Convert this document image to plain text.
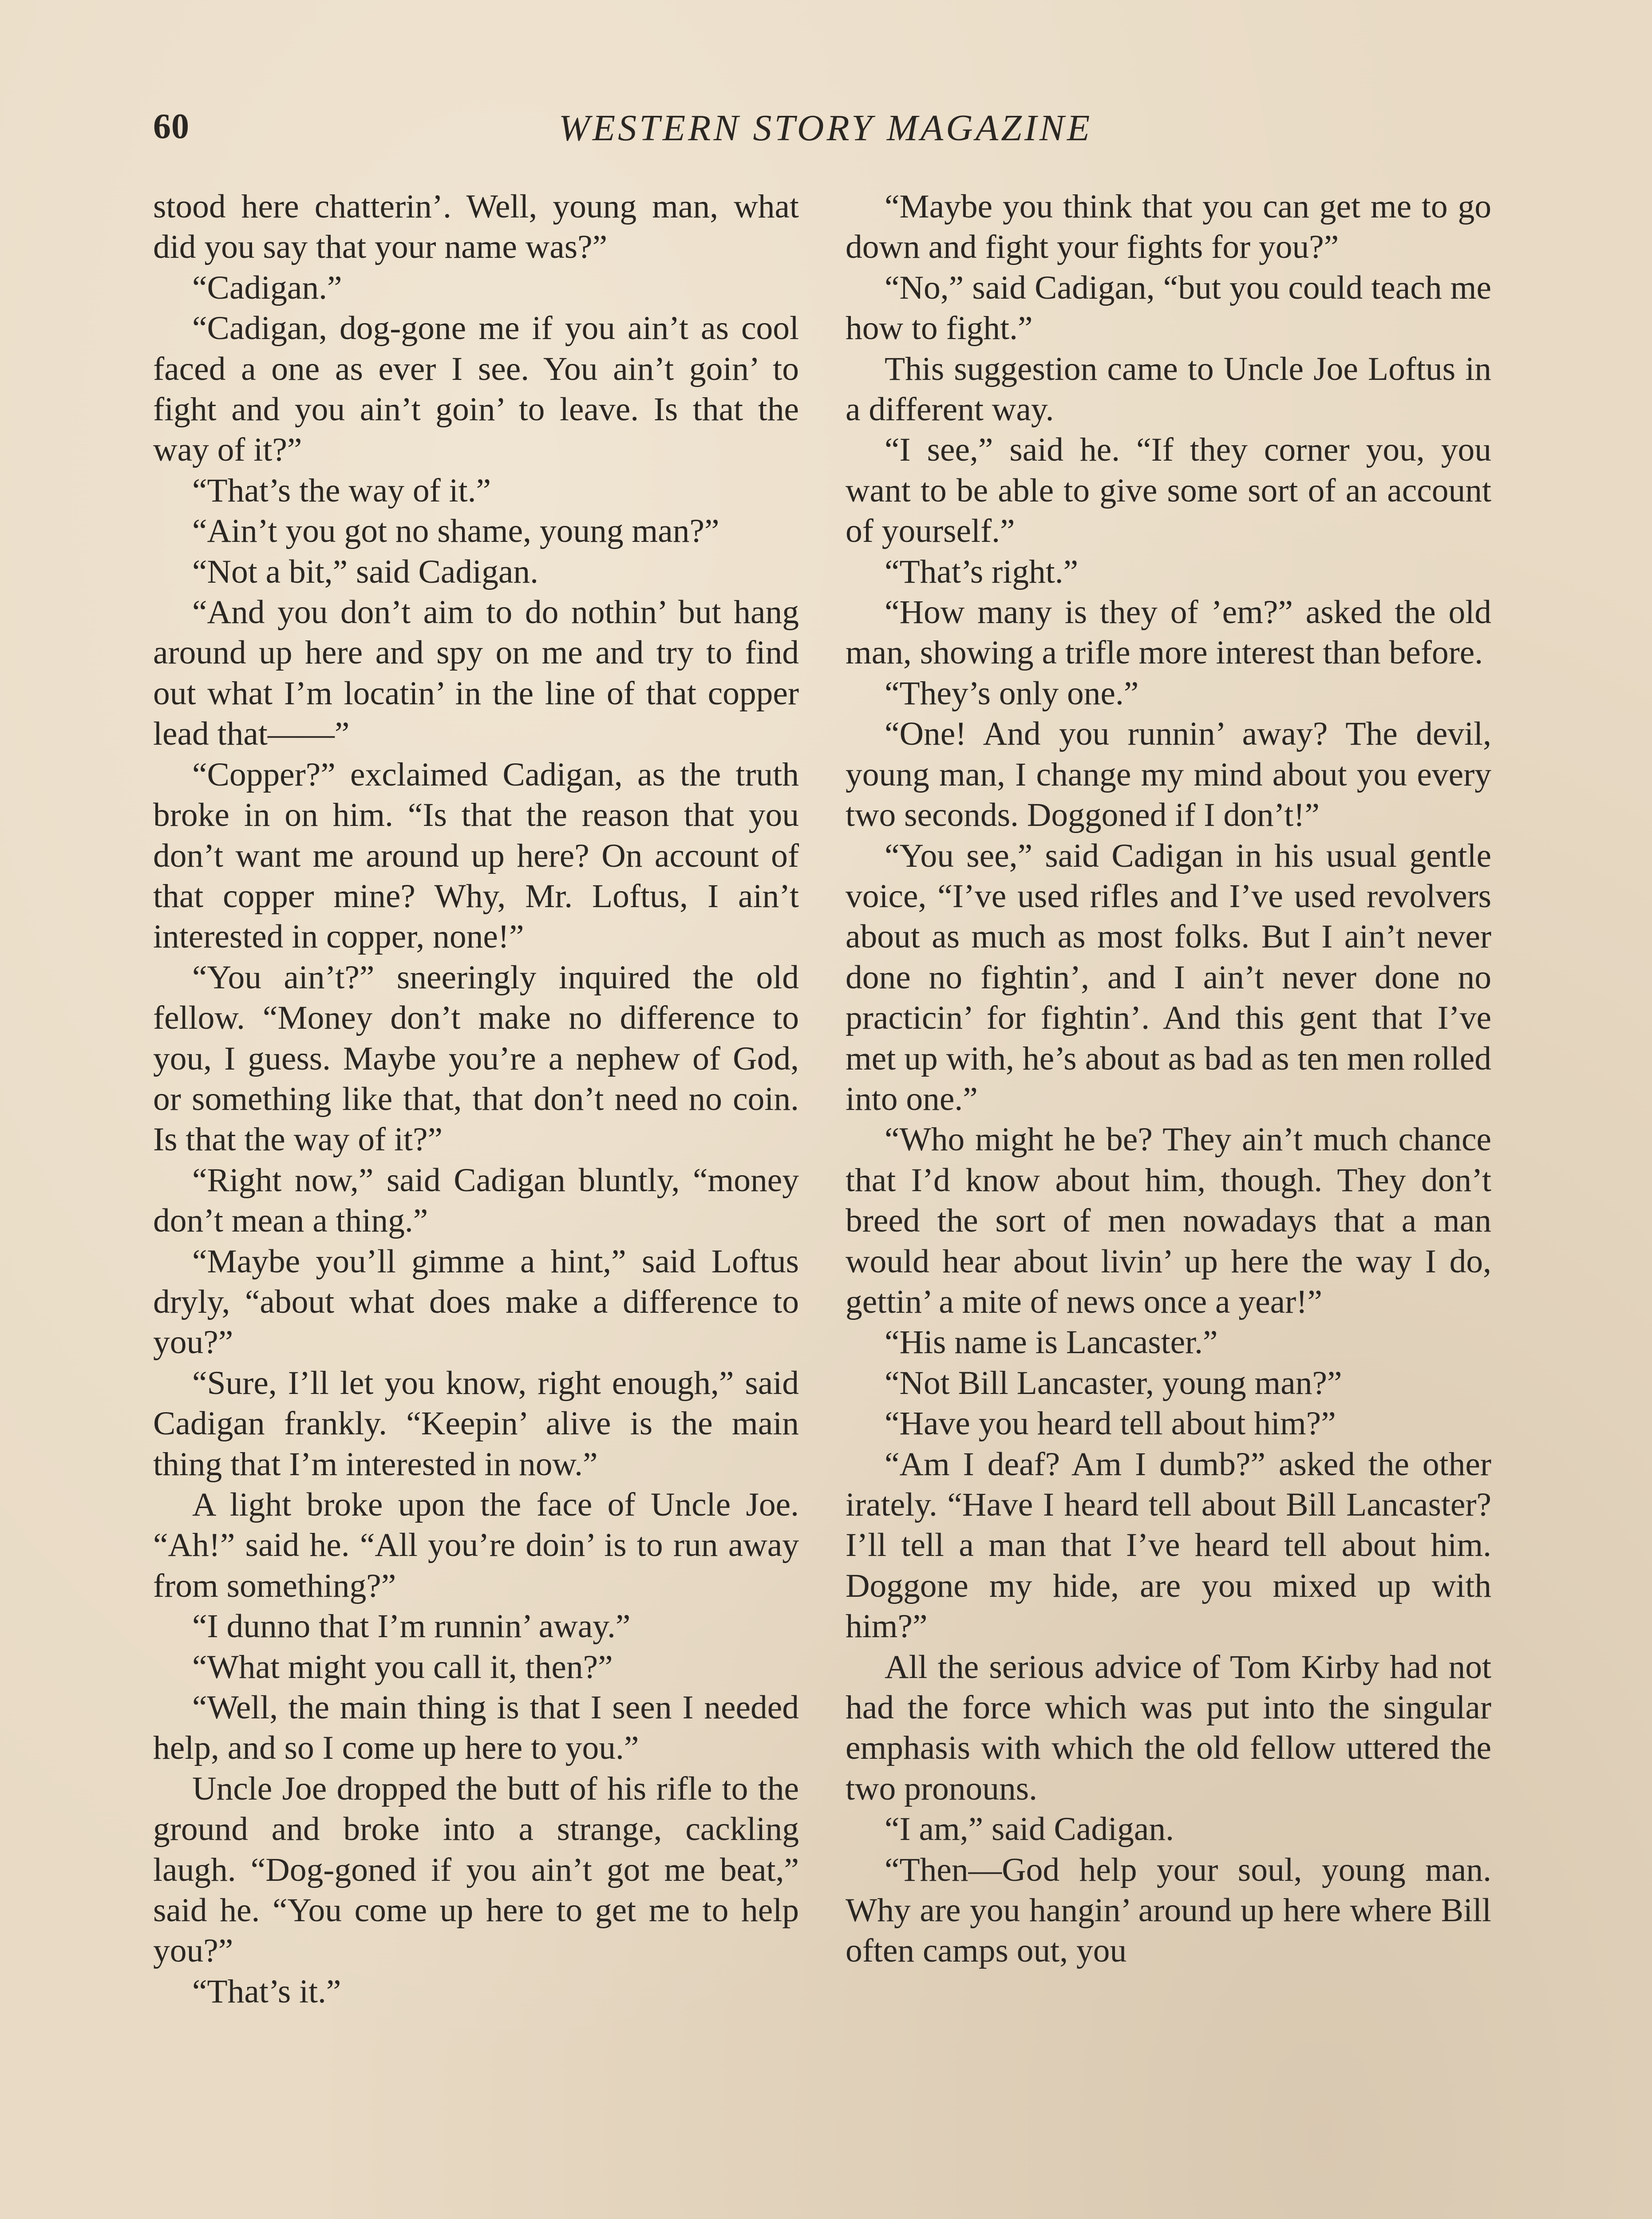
60	WESTERN STORY MAGAZINE

stood here chatterin’. Well, young man, what did you say that your name was?”

“Cadigan.”

“Cadigan, dog-gone me if you ain’t as cool faced a one as ever I see. You ain’t goin’ to fight and you ain’t goin’ to leave. Is that the way of it?”

“That’s the way of it.”

“Ain’t you got no shame, young man?”

“Not a bit,” said Cadigan.

“And you don’t aim to do nothin’ but hang around up here and spy on me and try to find out what I’m locatin’ in the line of that copper lead that——”

“Copper?” exclaimed Cadigan, as the truth broke in on him. “Is that the reason that you don’t want me around up here? On account of that copper mine? Why, Mr. Loftus, I ain’t interested in copper, none!”

“You ain’t?” sneeringly inquired the old fellow. “Money don’t make no difference to you, I guess. Maybe you’re a nephew of God, or something like that, that don’t need no coin. Is that the way of it?”

“Right now,” said Cadigan bluntly, “money don’t mean a thing.”

“Maybe you’ll gimme a hint,” said Loftus dryly, “about what does make a difference to you?”

“Sure, I’ll let you know, right enough,” said Cadigan frankly. “Keepin’ alive is the main thing that I’m interested in now.”

A light broke upon the face of Uncle Joe. “Ah!” said he. “All you’re doin’ is to run away from something?”

“I dunno that I’m runnin’ away.”

“What might you call it, then?”

“Well, the main thing is that I seen I needed help, and so I come up here to you.”

Uncle Joe dropped the butt of his rifle to the ground and broke into a strange, cackling laugh. “Dog-goned if you ain’t got me beat,” said he. “You come up here to get me to help you?”

“That’s it.”

“Maybe you think that you can get me to go down and fight your fights for you?”

“No,” said Cadigan, “but you could teach me how to fight.”

This suggestion came to Uncle Joe Loftus in a different way.

“I see,” said he. “If they corner you, you want to be able to give some sort of an account of yourself.”

“That’s right.”

“How many is they of ’em?” asked the old man, showing a trifle more interest than before.

“They’s only one.”

“One! And you runnin’ away? The devil, young man, I change my mind about you every two seconds. Doggoned if I don’t!”

“You see,” said Cadigan in his usual gentle voice, “I’ve used rifles and I’ve used revolvers about as much as most folks. But I ain’t never done no fightin’, and I ain’t never done no practicin’ for fightin’. And this gent that I’ve met up with, he’s about as bad as ten men rolled into one.”

“Who might he be? They ain’t much chance that I’d know about him, though. They don’t breed the sort of men nowadays that a man would hear about livin’ up here the way I do, gettin’ a mite of news once a year!”

“His name is Lancaster.”

“Not Bill Lancaster, young man?”

“Have you heard tell about him?”

“Am I deaf? Am I dumb?” asked the other irately. “Have I heard tell about Bill Lancaster? I’ll tell a man that I’ve heard tell about him. Doggone my hide, are you mixed up with him?”

All the serious advice of Tom Kirby had not had the force which was put into the singular emphasis with which the old fellow uttered the two pronouns.

“I am,” said Cadigan.

“Then—God help your soul, young man. Why are you hangin’ around up here where Bill often camps out, you
